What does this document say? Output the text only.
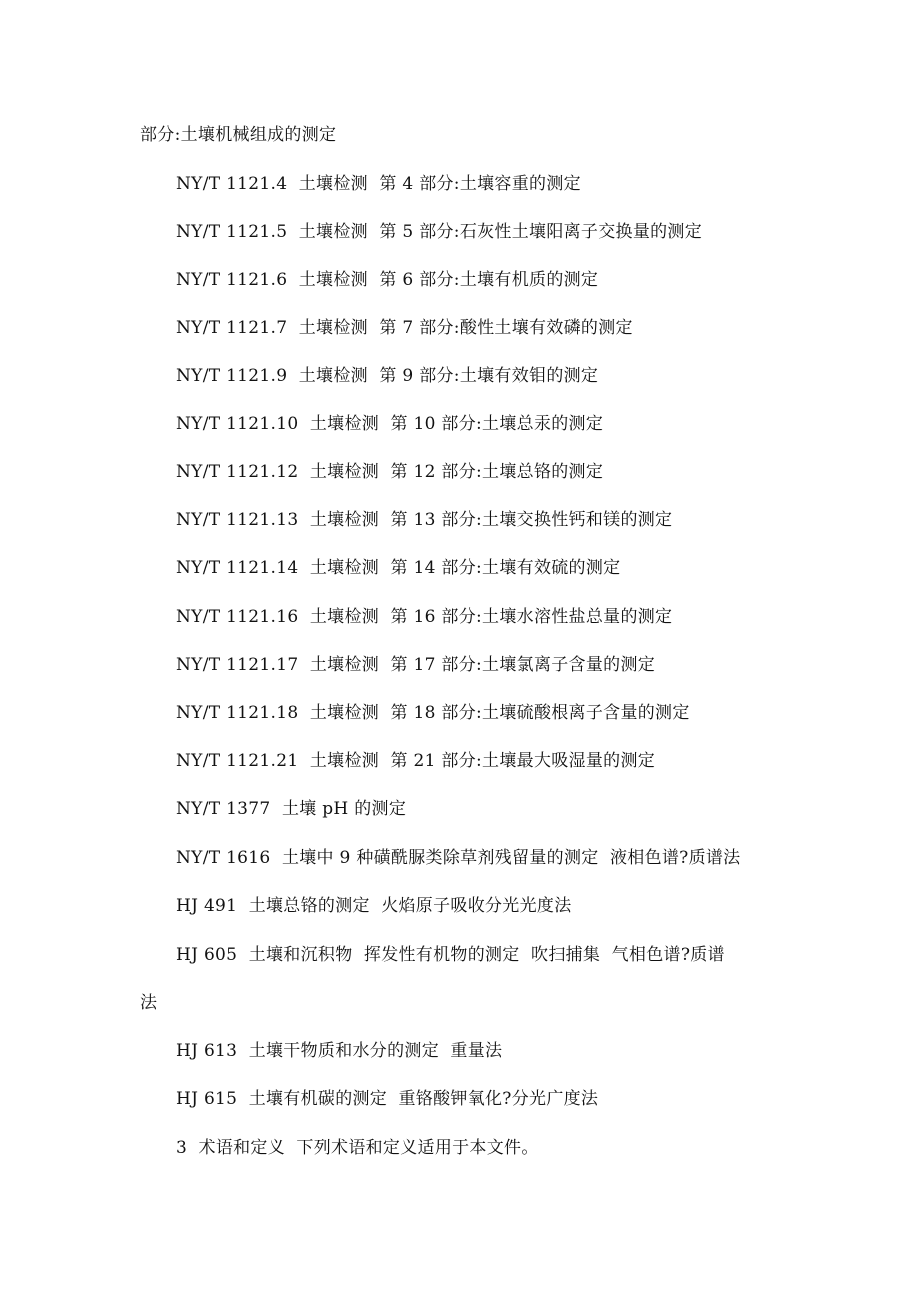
部分:土壤机械组成的测定
NY/T 1121.4  土壤检测  第 4 部分:土壤容重的测定
NY/T 1121.5  土壤检测  第 5 部分:石灰性土壤阳离子交换量的测定
NY/T 1121.6  土壤检测  第 6 部分:土壤有机质的测定
NY/T 1121.7  土壤检测  第 7 部分:酸性土壤有效磷的测定
NY/T 1121.9  土壤检测  第 9 部分:土壤有效钼的测定
NY/T 1121.10  土壤检测  第 10 部分:土壤总汞的测定
NY/T 1121.12  土壤检测  第 12 部分:土壤总铬的测定
NY/T 1121.13  土壤检测  第 13 部分:土壤交换性钙和镁的测定
NY/T 1121.14  土壤检测  第 14 部分:土壤有效硫的测定
NY/T 1121.16  土壤检测  第 16 部分:土壤水溶性盐总量的测定
NY/T 1121.17  土壤检测  第 17 部分:土壤氯离子含量的测定
NY/T 1121.18  土壤检测  第 18 部分:土壤硫酸根离子含量的测定
NY/T 1121.21  土壤检测  第 21 部分:土壤最大吸湿量的测定
NY/T 1377  土壤 pH 的测定
NY/T 1616  土壤中 9 种磺酰脲类除草剂残留量的测定  液相色谱?质谱法
HJ 491  土壤总铬的测定  火焰原子吸收分光光度法
HJ 605  土壤和沉积物  挥发性有机物的测定  吹扫捕集  气相色谱?质谱
法
HJ 613  土壤干物质和水分的测定  重量法
HJ 615  土壤有机碳的测定  重铬酸钾氧化?分光广度法
3  术语和定义  下列术语和定义适用于本文件。
